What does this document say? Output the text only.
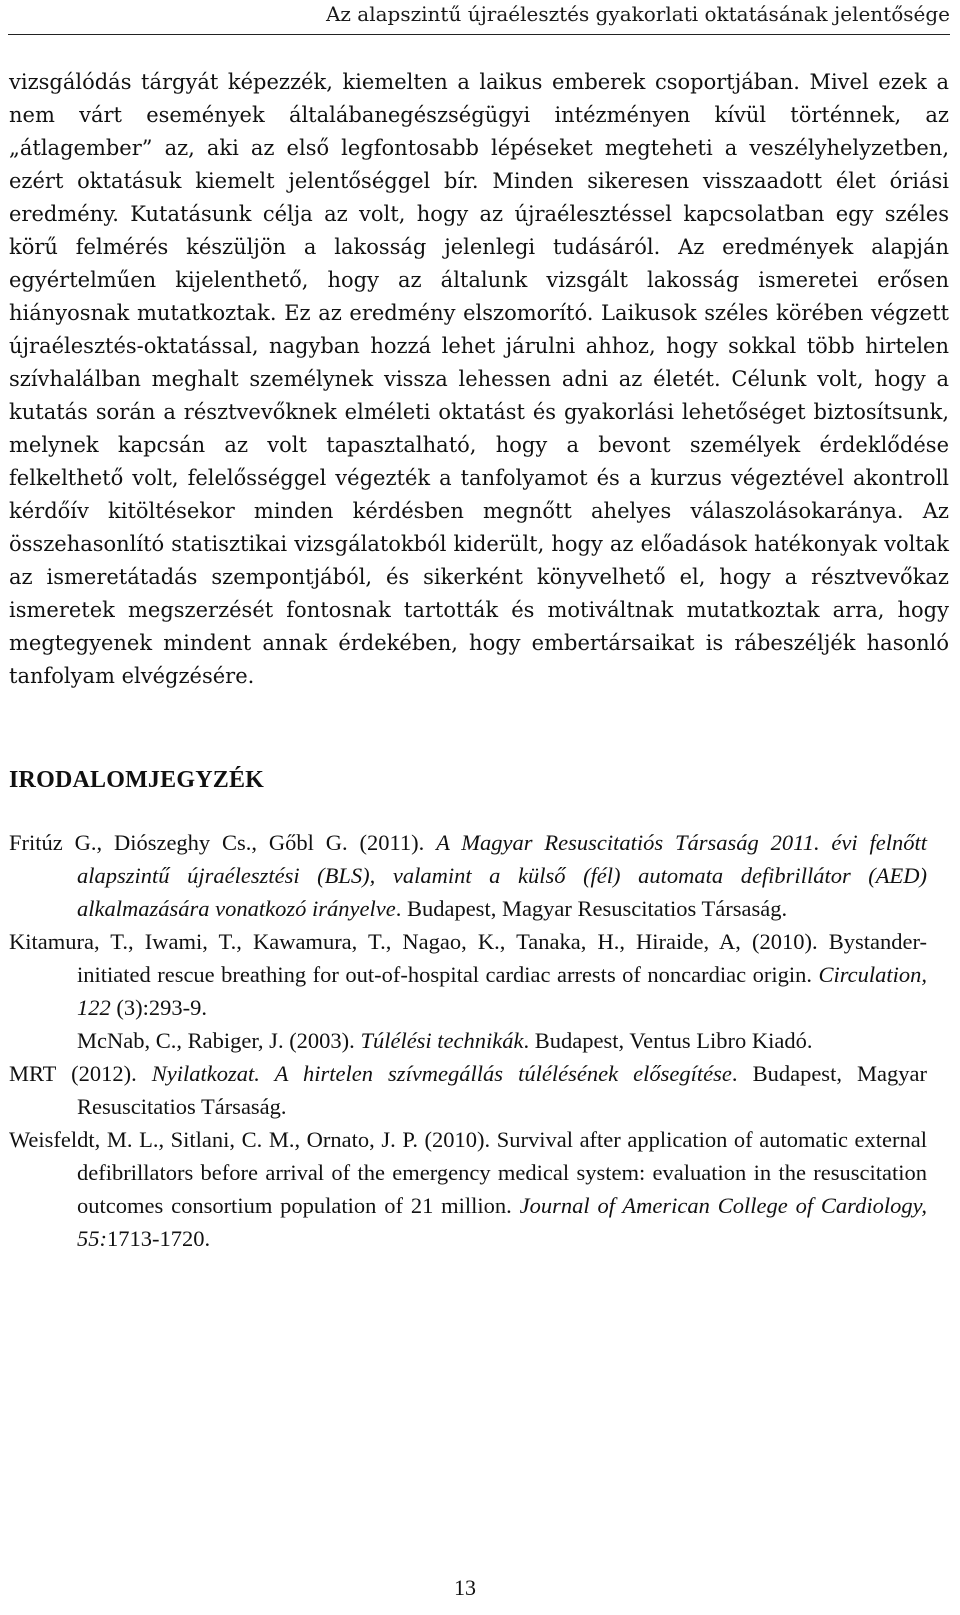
Az alapszintű újraélesztés gyakorlati oktatásának jelentősége

vizsgálódás tárgyát képezzék, kiemelten a laikus emberek csoportjában. Mivel ezek a nem várt események általábanegészségügyi intézményen kívül történnek, az „átlagember” az, aki az első legfontosabb lépéseket megteheti a veszélyhelyzetben, ezért oktatásuk kiemelt jelentőséggel bír. Minden sikeresen visszaadott élet óriási eredmény. Kutatásunk célja az volt, hogy az újraélesztéssel kapcsolatban egy széles körű felmérés készüljön a lakosság jelenlegi tudásáról. Az eredmények alapján egyértelműen kijelenthető, hogy az általunk vizsgált lakosság ismeretei erősen hiányosnak mutatkoztak. Ez az eredmény elszomorító. Laikusok széles körében végzett újraélesztés-oktatással, nagyban hozzá lehet járulni ahhoz, hogy sokkal több hirtelen szívhalálban meghalt személynek vissza lehessen adni az életét. Célunk volt, hogy a kutatás során a résztvevőknek elméleti oktatást és gyakorlási lehetőséget biztosítsunk, melynek kapcsán az volt tapasztalható, hogy a bevont személyek érdeklődése felkelthető volt, felelősséggel végezték a tanfolyamot és a kurzus végeztével akontroll kérdőív kitöltésekor minden kérdésben megnőtt ahelyes válaszolásokaránya. Az összehasonlító statisztikai vizsgálatokból kiderült, hogy az előadások hatékonyak voltak az ismeretátadás szempontjából, és sikerként könyvelhető el, hogy a résztvevőkaz ismeretek megszerzését fontosnak tartották és motiváltnak mutatkoztak arra, hogy megtegyenek mindent annak érdekében, hogy embertársaikat is rábeszéljék hasonló tanfolyam elvégzésére.

IRODALOMJEGYZÉK
Fritúz G., Diószeghy Cs., Gőbl G. (2011). A Magyar Resuscitatiós Társaság 2011. évi felnőtt alapszintű újraélesztési (BLS), valamint a külső (fél) automata defibrillátor (AED) alkalmazására vonatkozó irányelve. Budapest, Magyar Resuscitatios Társaság.
Kitamura, T., Iwami, T., Kawamura, T., Nagao, K., Tanaka, H., Hiraide, A, (2010). Bystander-initiated rescue breathing for out-of-hospital cardiac arrests of noncardiac origin. Circulation, 122 (3):293-9.
McNab, C., Rabiger, J. (2003). Túlélési technikák. Budapest, Ventus Libro Kiadó.
MRT (2012). Nyilatkozat. A hirtelen szívmegállás túlélésének elősegítése. Budapest, Magyar Resuscitatios Társaság.
Weisfeldt, M. L., Sitlani, C. M., Ornato, J. P. (2010). Survival after application of automatic external defibrillators before arrival of the emergency medical system: evaluation in the resuscitation outcomes consortium population of 21 million. Journal of American College of Cardiology, 55:1713-1720.
13
